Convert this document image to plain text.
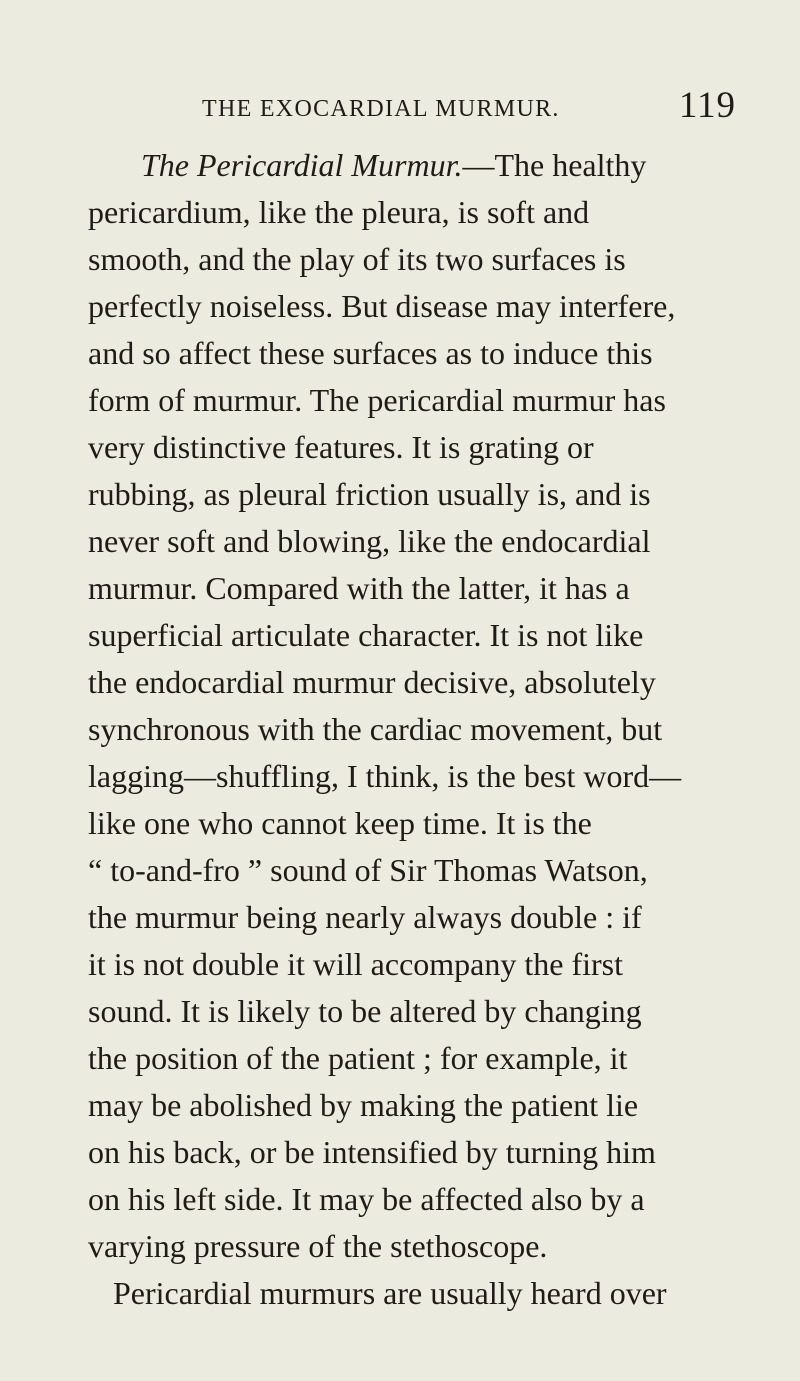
THE EXOCARDIAL MURMUR.	119
The Pericardial Murmur.—The healthy
pericardium, like the pleura, is soft and
smooth, and the play of its two surfaces is
perfectly noiseless. But disease may interfere,
and so affect these surfaces as to induce this
form of murmur. The pericardial murmur has
very distinctive features. It is grating or
rubbing, as pleural friction usually is, and is
never soft and blowing, like the endocardial
murmur. Compared with the latter, it has a
superficial articulate character. It is not like
the endocardial murmur decisive, absolutely
synchronous with the cardiac movement, but
lagging—shuffling, I think, is the best word—
like one who cannot keep time. It is the
“ to-and-fro ” sound of Sir Thomas Watson,
the murmur being nearly always double : if
it is not double it will accompany the first
sound. It is likely to be altered by changing
the position of the patient ; for example, it
may be abolished by making the patient lie
on his back, or be intensified by turning him
on his left side. It may be affected also by a
varying pressure of the stethoscope.
Pericardial murmurs are usually heard over
